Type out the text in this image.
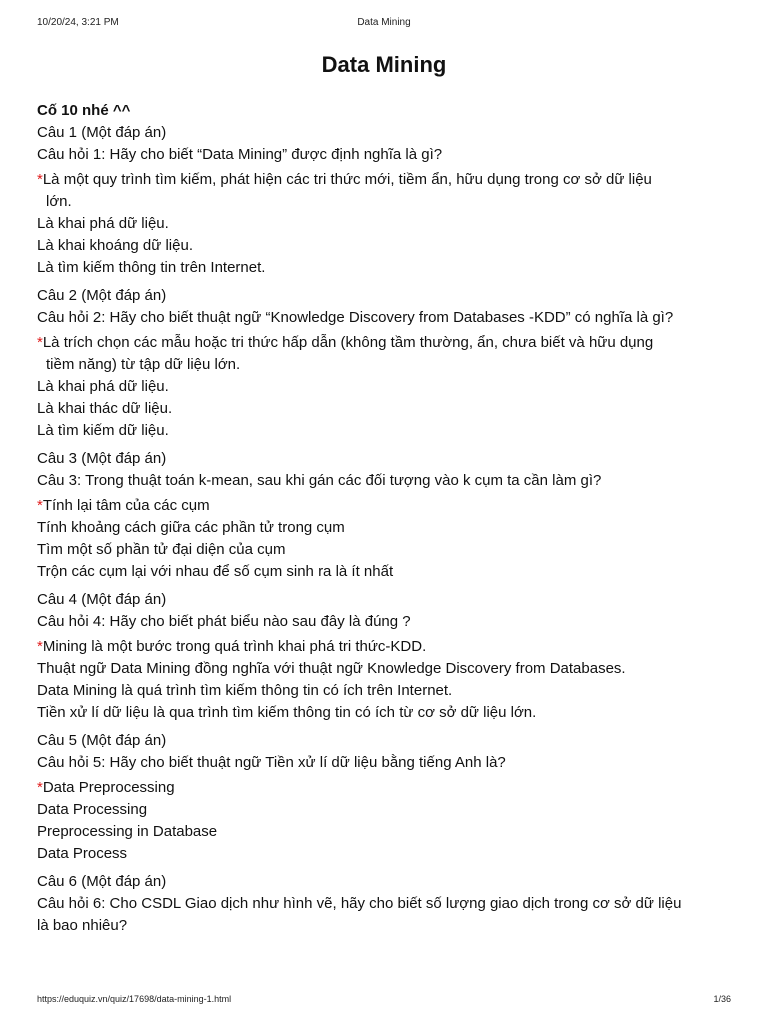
10/20/24, 3:21 PM	Data Mining
Data Mining
Cố 10 nhé ^^
Câu 1 (Một đáp án)
Câu hỏi 1: Hãy cho biết “Data Mining” được định nghĩa là gì?
*Là một quy trình tìm kiếm, phát hiện các tri thức mới, tiềm ẩn, hữu dụng trong cơ sở dữ liệu
lớn.
Là khai phá dữ liệu.
Là khai khoáng dữ liệu.
Là tìm kiếm thông tin trên Internet.
Câu 2 (Một đáp án)
Câu hỏi 2: Hãy cho biết thuật ngữ “Knowledge Discovery from Databases -KDD” có nghĩa là gì?
*Là trích chọn các mẫu hoặc tri thức hấp dẫn (không tầm thường, ẩn, chưa biết và hữu dụng
tiềm năng) từ tập dữ liệu lớn.
Là khai phá dữ liệu.
Là khai thác dữ liệu.
Là tìm kiếm dữ liệu.
Câu 3 (Một đáp án)
Câu 3: Trong thuật toán k-mean, sau khi gán các đối tượng vào k cụm ta cần làm gì?
*Tính lại tâm của các cụm
Tính khoảng cách giữa các phần tử trong cụm
Tìm một số phần tử đại diện của cụm
Trộn các cụm lại với nhau để số cụm sinh ra là ít nhất
Câu 4 (Một đáp án)
Câu hỏi 4: Hãy cho biết phát biểu nào sau đây là đúng ?
*Mining là một bước trong quá trình khai phá tri thức-KDD.
Thuật ngữ Data Mining đồng nghĩa với thuật ngữ Knowledge Discovery from Databases.
Data Mining là quá trình tìm kiếm thông tin có ích trên Internet.
Tiền xử lí dữ liệu là qua trình tìm kiếm thông tin có ích từ cơ sở dữ liệu lớn.
Câu 5 (Một đáp án)
Câu hỏi 5: Hãy cho biết thuật ngữ Tiền xử lí dữ liệu bằng tiếng Anh là?
*Data Preprocessing
Data Processing
Preprocessing in Database
Data Process
Câu 6 (Một đáp án)
Câu hỏi 6: Cho CSDL Giao dịch như hình vẽ, hãy cho biết số lượng giao dịch trong cơ sở dữ liệu
là bao nhiêu?
https://eduquiz.vn/quiz/17698/data-mining-1.html	1/36
